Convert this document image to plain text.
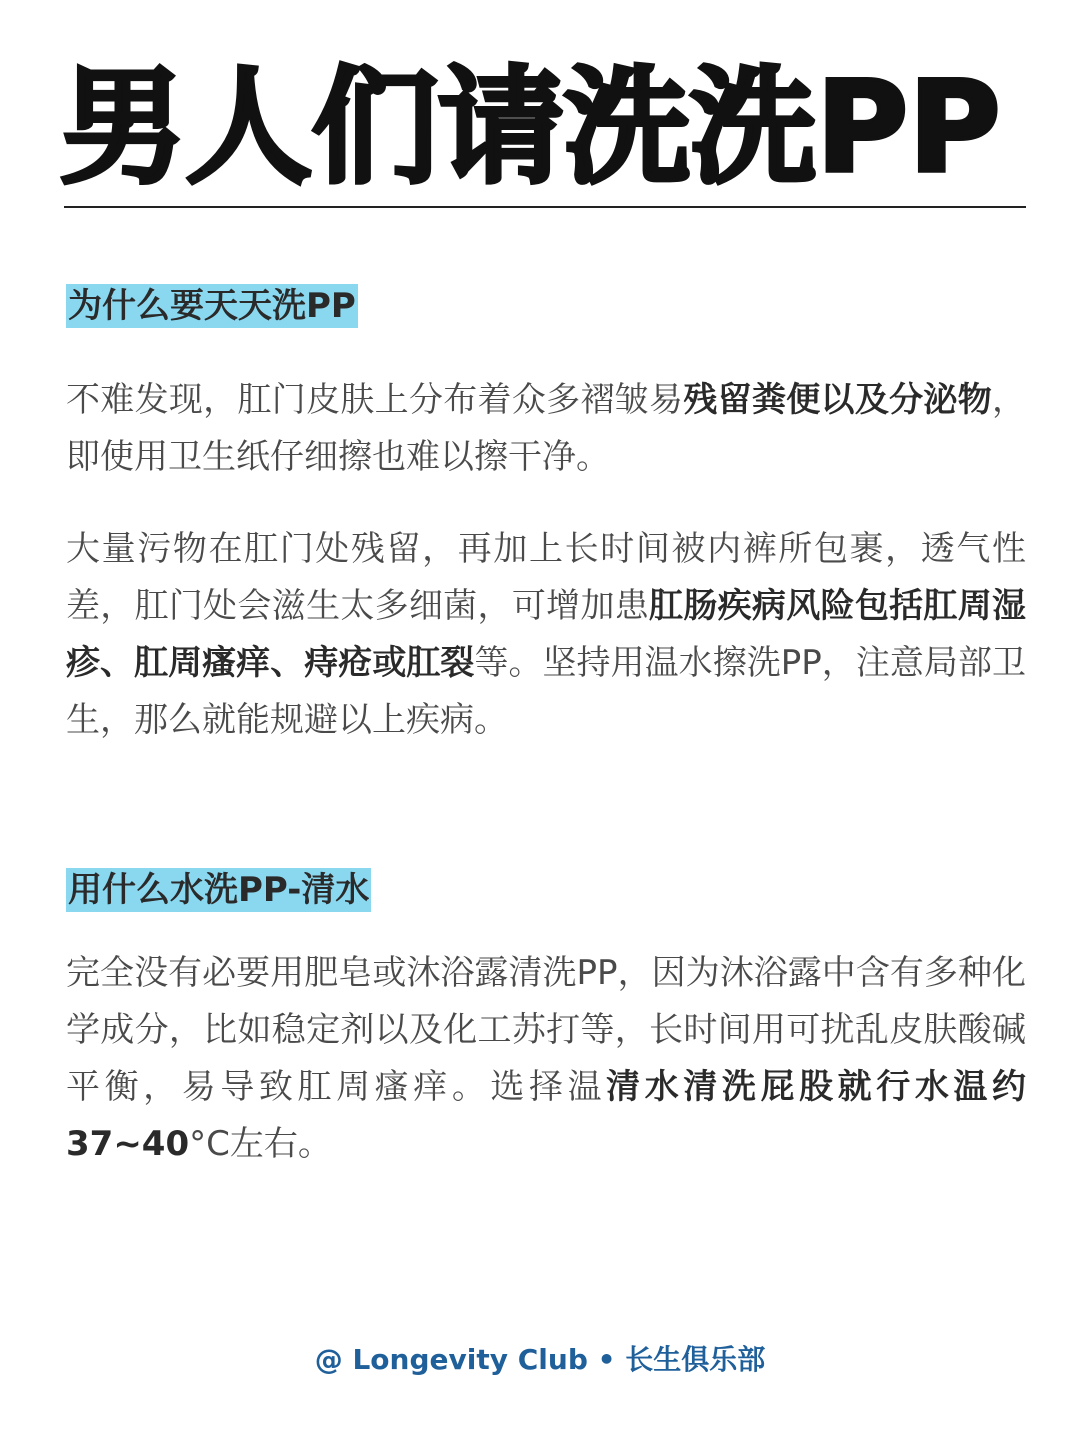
男人们请洗洗PP
为什么要天天洗PP

不难发现，肛门皮肤上分布着众多褶皱易残留粪便以及分泌物，即使用卫生纸仔细擦也难以擦干净。

大量污物在肛门处残留，再加上长时间被内裤所包裹，透气性差，肛门处会滋生太多细菌，可增加患肛肠疾病风险包括肛周湿疹、肛周瘙痒、痔疮或肛裂等。坚持用温水擦洗PP，注意局部卫生，那么就能规避以上疾病。

用什么水洗PP-清水

完全没有必要用肥皂或沐浴露清洗PP，因为沐浴露中含有多种化学成分，比如稳定剂以及化工苏打等，长时间用可扰乱皮肤酸碱平衡，易导致肛周瘙痒。选择温清水清洗屁股就行水温约37~40°C左右。

@ Longevity Club • 长生俱乐部
